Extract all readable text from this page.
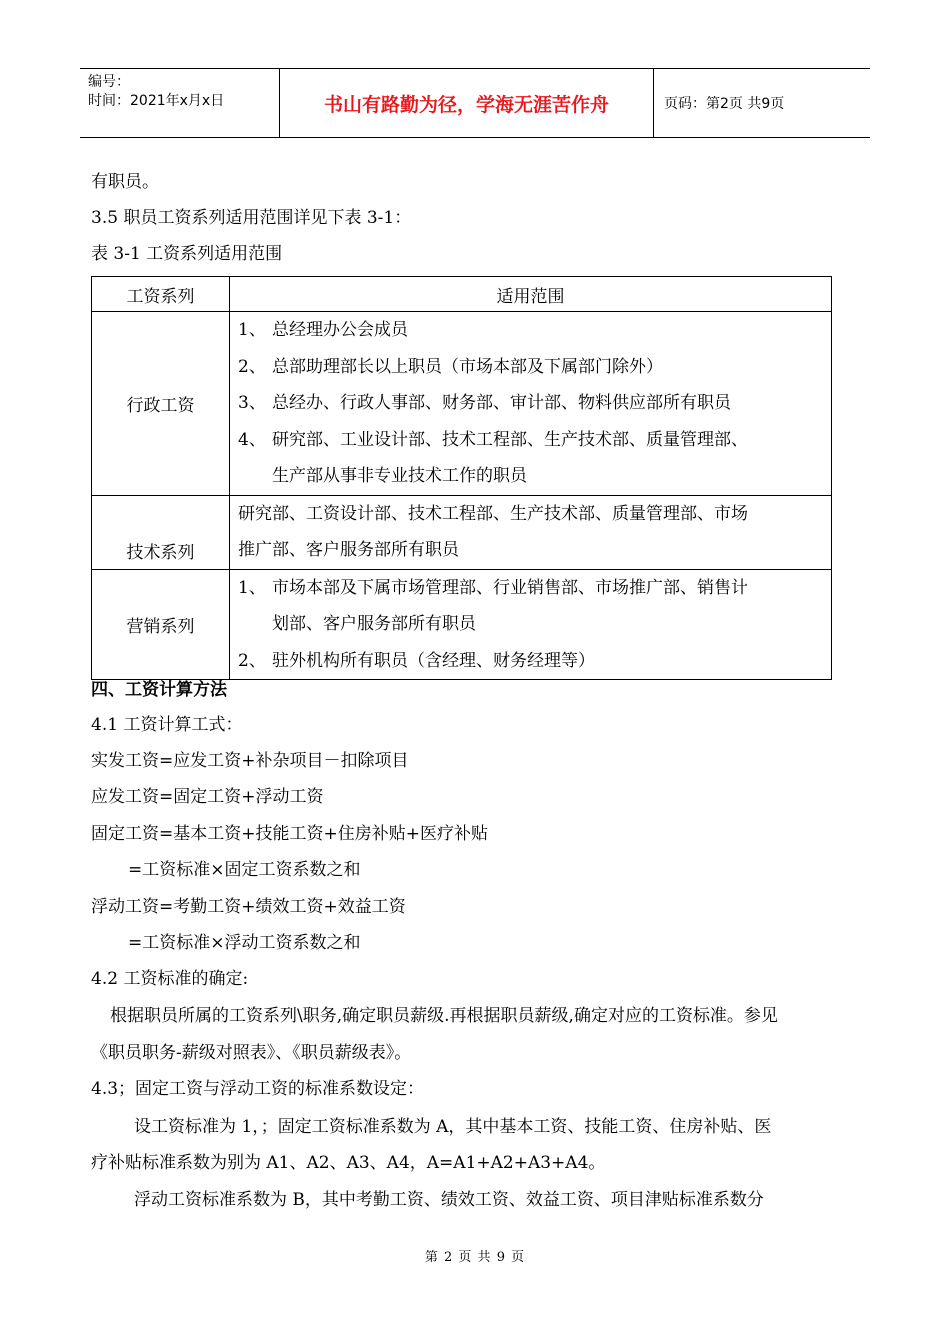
编号：
时间：2021年x月x日	书山有路勤为径，学海无涯苦作舟	页码：第2页 共9页
有职员。
3.5 职员工资系列适用范围详见下表 3-1：
表 3-1 工资系列适用范围
工资系列	适用范围
行政工资	1、 总经理办公会成员
2、 总部助理部长以上职员（市场本部及下属部门除外）
3、 总经办、行政人事部、财务部、审计部、物料供应部所有职员
4、 研究部、工业设计部、技术工程部、生产技术部、质量管理部、
生产部从事非专业技术工作的职员

技术系列	研究部、工资设计部、技术工程部、生产技术部、质量管理部、市场
推广部、客户服务部所有职员

营销系列	1、 市场本部及下属市场管理部、行业销售部、市场推广部、销售计
划部、客户服务部所有职员
2、 驻外机构所有职员（含经理、财务经理等）
四、工资计算方法
4.1 工资计算工式：
实发工资=应发工资+补杂项目－扣除项目
应发工资=固定工资+浮动工资
固定工资=基本工资+技能工资+住房补贴+医疗补贴
=工资标准×固定工资系数之和
浮动工资=考勤工资+绩效工资+效益工资
=工资标准×浮动工资系数之和
4.2 工资标准的确定:
根据职员所属的工资系列\职务,确定职员薪级.再根据职员薪级,确定对应的工资标准。参见
《职员职务-薪级对照表》、《职员薪级表》。
4.3；固定工资与浮动工资的标准系数设定：
设工资标准为 1，；固定工资标准系数为 A，其中基本工资、技能工资、住房补贴、医
疗补贴标准系数为别为 A1、A2、A3、A4，A=A1+A2+A3+A4。
浮动工资标准系数为 B，其中考勤工资、绩效工资、效益工资、项目津贴标准系数分
第 2 页 共 9 页
